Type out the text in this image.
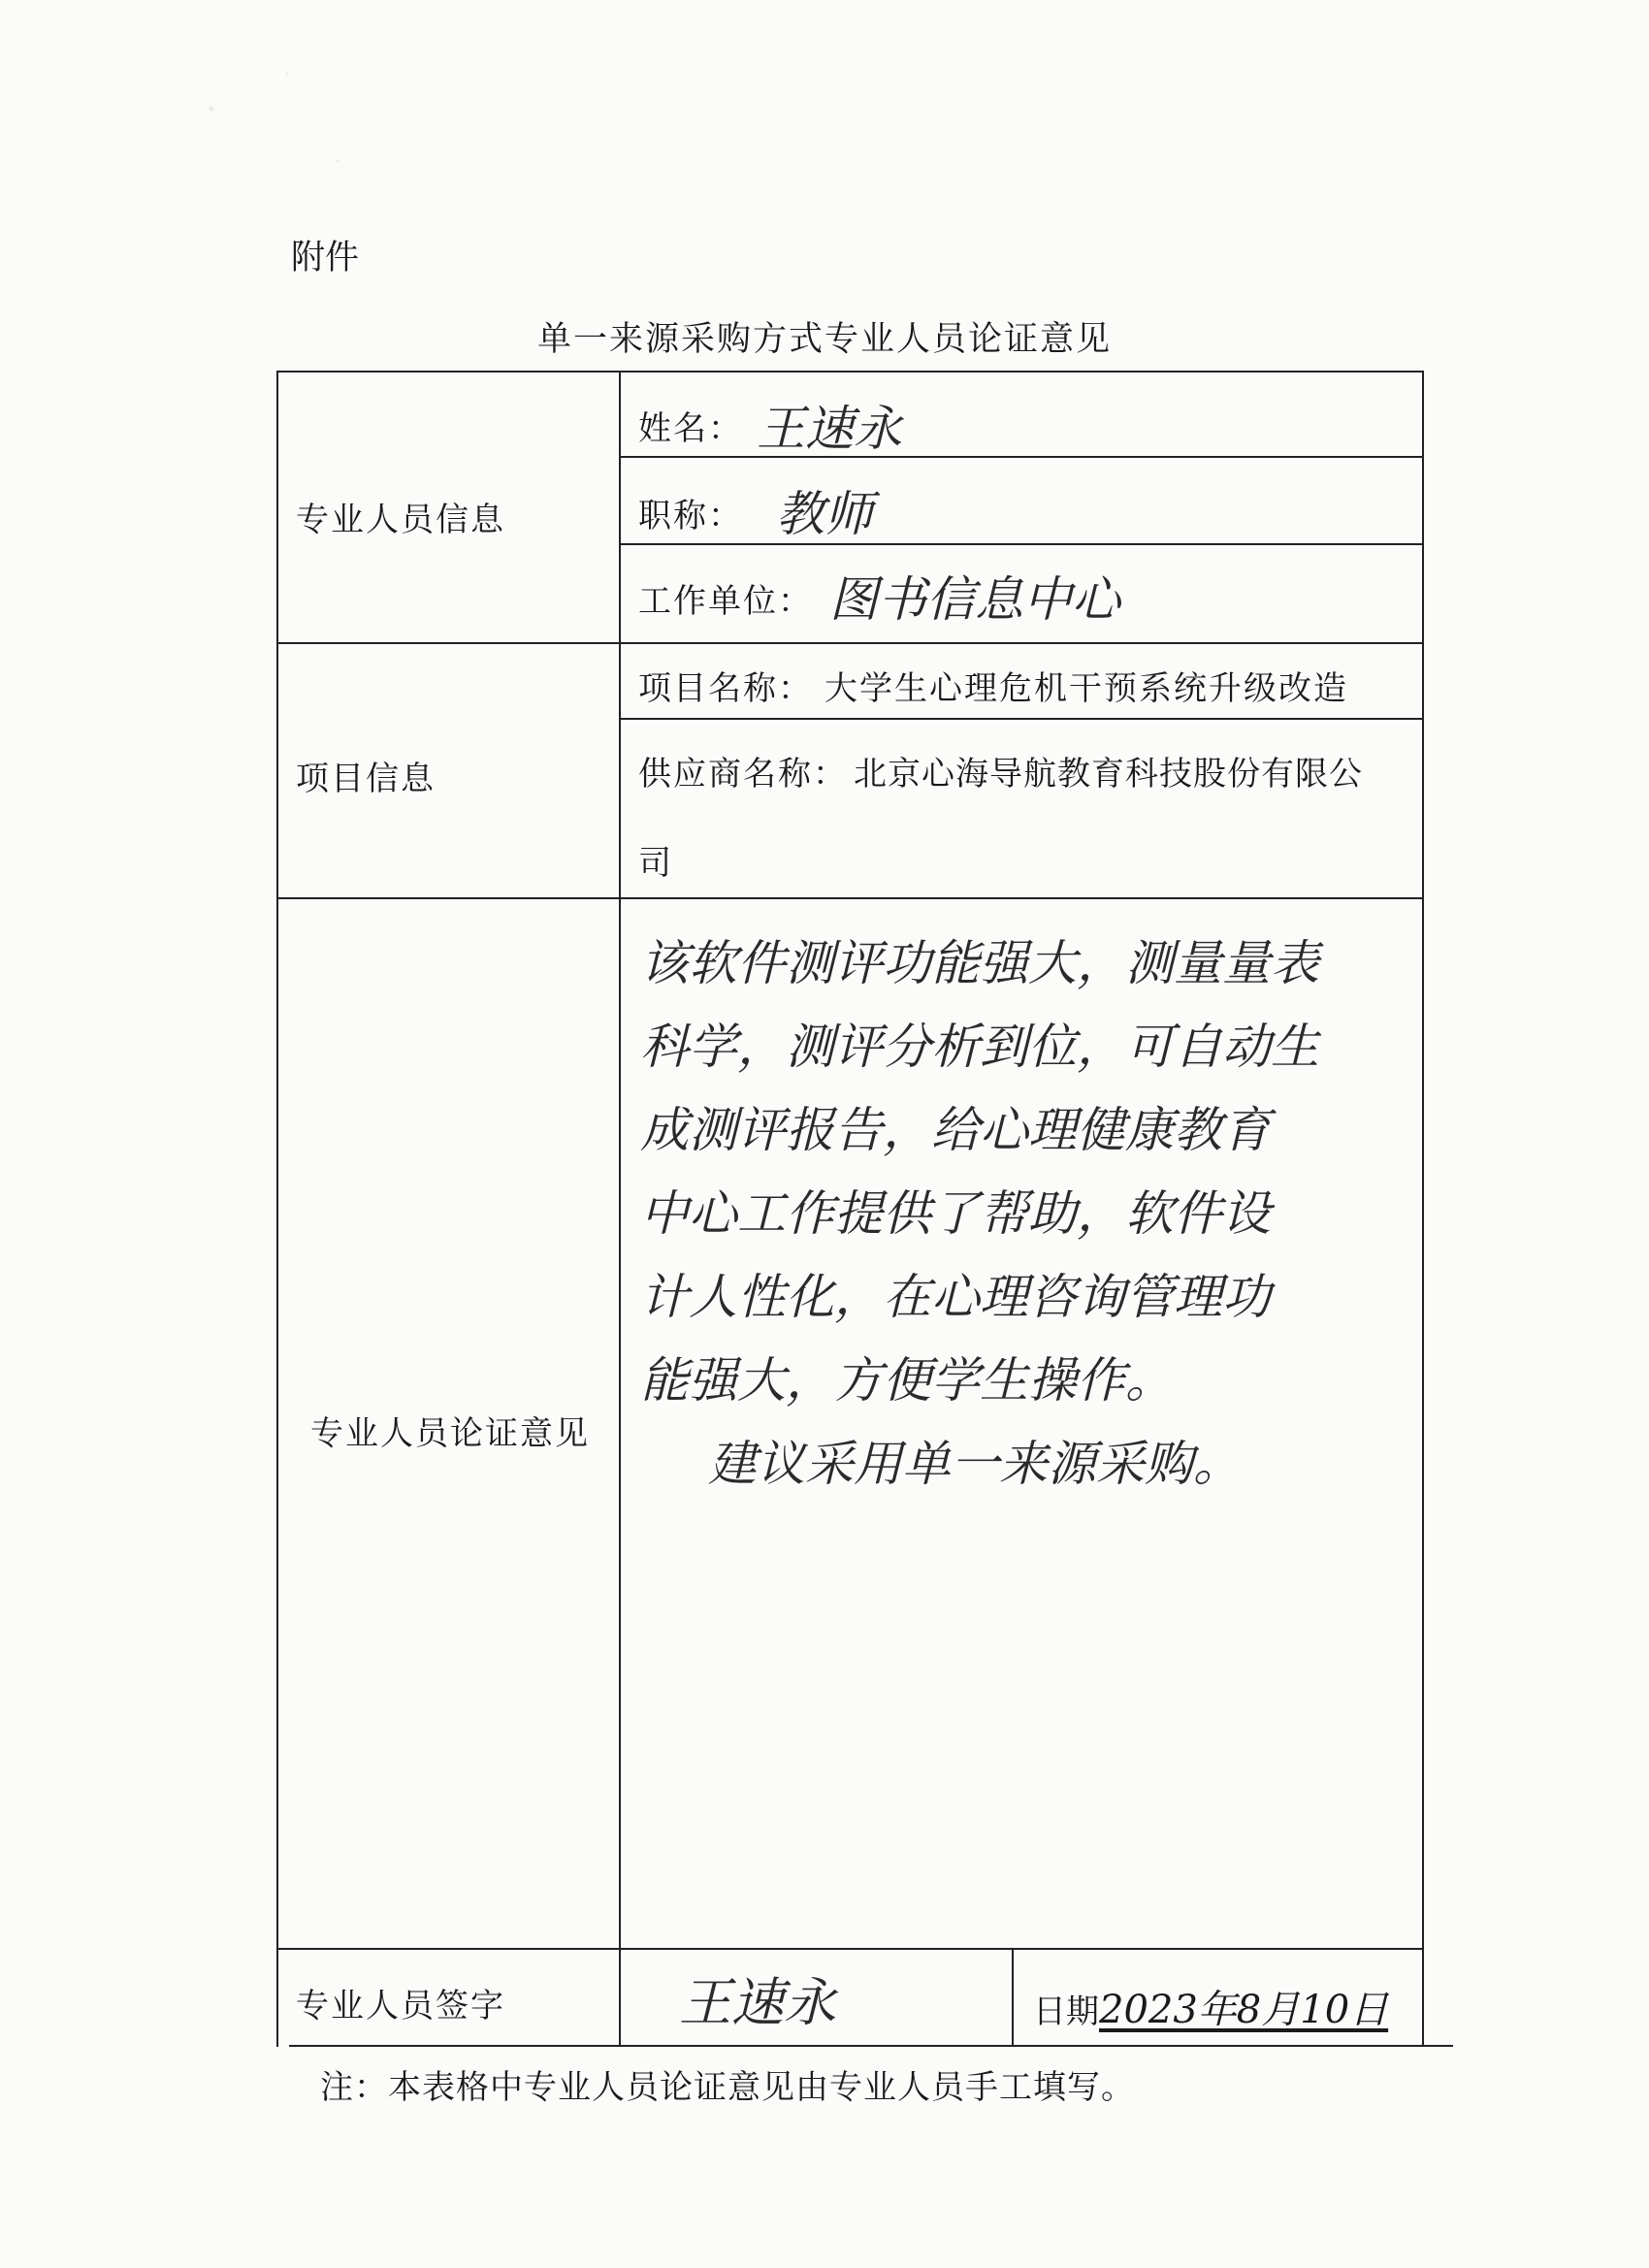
附件
单一来源采购方式专业人员论证意见
专业人员信息
姓名： 王速永
职称： 教师
工作单位： 图书信息中心
项目信息
项目名称： 大学生心理危机干预系统升级改造
供应商名称： 北京心海导航教育科技股份有限公
司
专业人员论证意见
该软件测评功能强大，测量量表
科学，测评分析到位，可自动生
成测评报告，给心理健康教育
中心工作提供了帮助，软件设
计人性化，在心理咨询管理功
能强大，方便学生操作。
建议采用单一来源采购。
专业人员签字	王速永	日期2023年8月10日
注：本表格中专业人员论证意见由专业人员手工填写。
